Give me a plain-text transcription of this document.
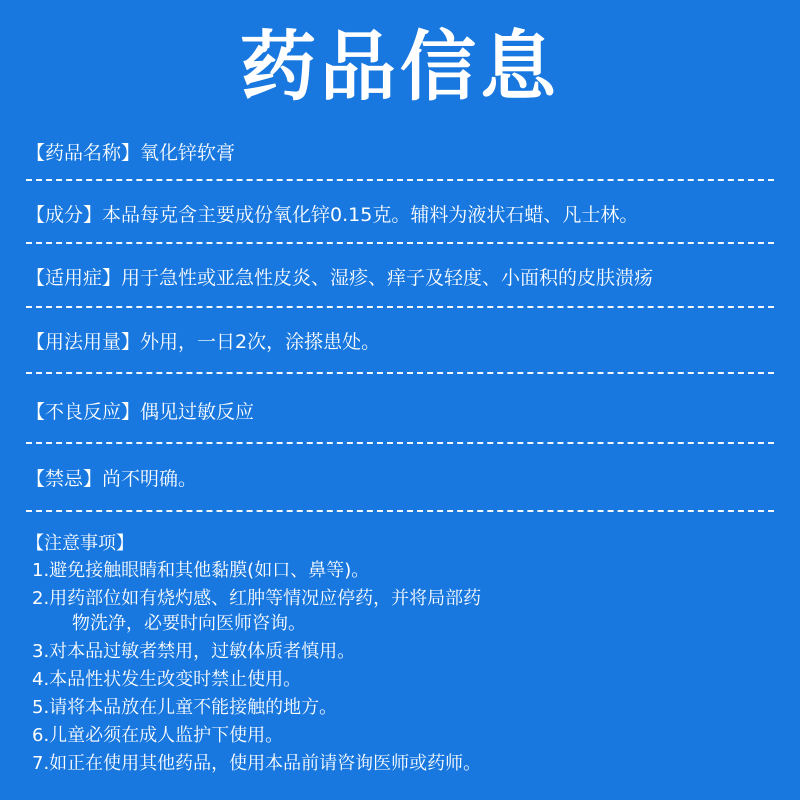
药品信息
【药品名称】氧化锌软膏
【成分】本品每克含主要成份氧化锌0.15克。辅料为液状石蜡、凡士林。
【适用症】用于急性或亚急性皮炎、湿疹、痒子及轻度、小面积的皮肤溃疡
【用法用量】外用，一日2次，涂搽患处。
【不良反应】偶见过敏反应
【禁忌】尚不明确。
【注意事项】
1.避免接触眼睛和其他黏膜(如口、鼻等)。
2.用药部位如有烧灼感、红肿等情况应停药，并将局部药
物洗净，必要时向医师咨询。
3.对本品过敏者禁用，过敏体质者慎用。
4.本品性状发生改变时禁止使用。
5.请将本品放在儿童不能接触的地方。
6.儿童必须在成人监护下使用。
7.如正在使用其他药品，使用本品前请咨询医师或药师。
